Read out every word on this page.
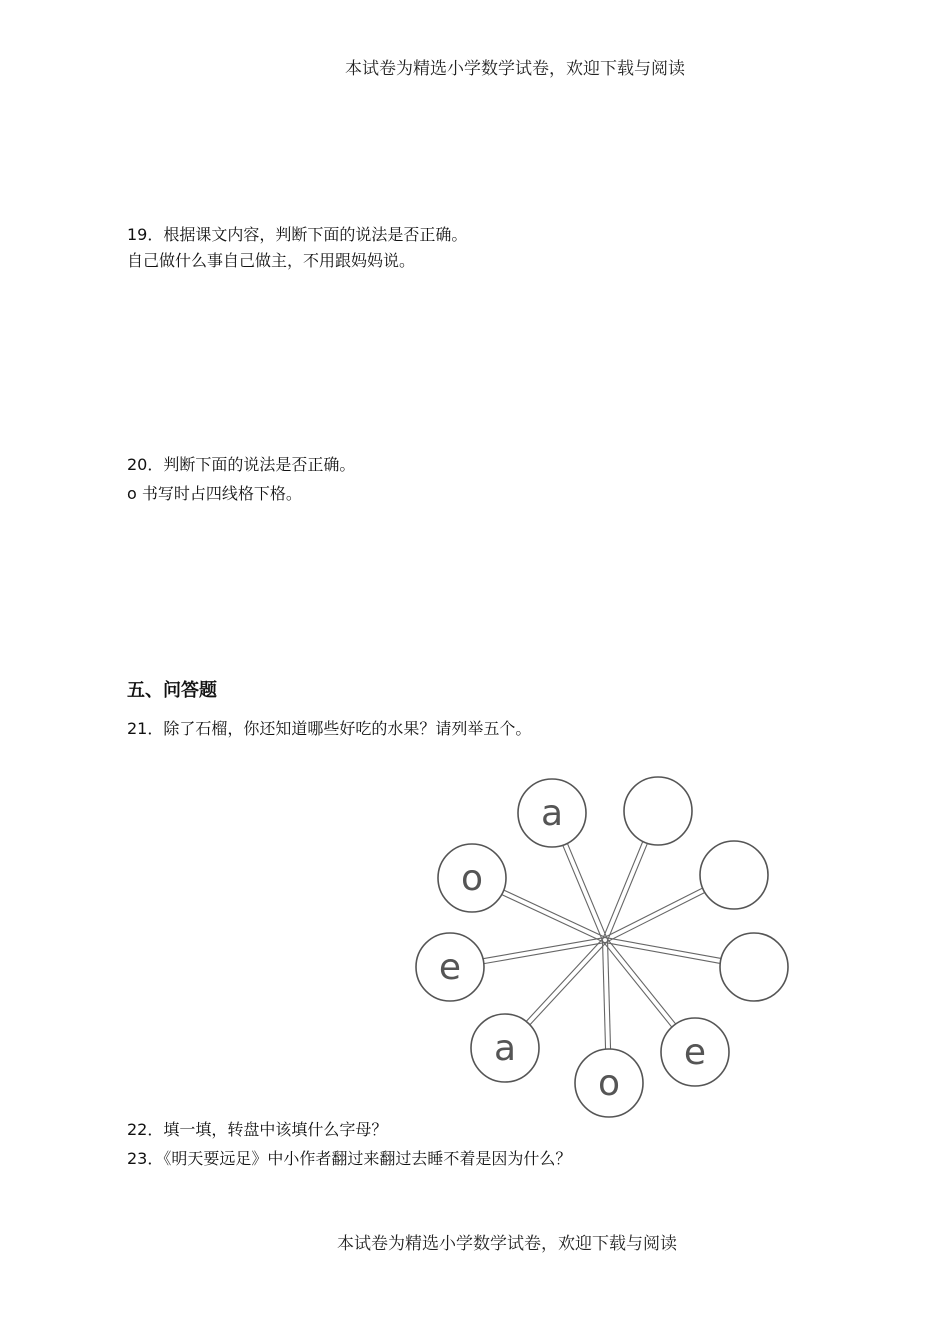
本试卷为精选小学数学试卷，欢迎下载与阅读
19．根据课文内容，判断下面的说法是否正确。
自己做什么事自己做主，不用跟妈妈说。
20．判断下面的说法是否正确。
o 书写时占四线格下格。
五、问答题
21．除了石榴，你还知道哪些好吃的水果？请列举五个。
a
e
o
a
e
o
22．填一填，转盘中该填什么字母？
23．《明天要远足》中小作者翻过来翻过去睡不着是因为什么？
本试卷为精选小学数学试卷，欢迎下载与阅读
